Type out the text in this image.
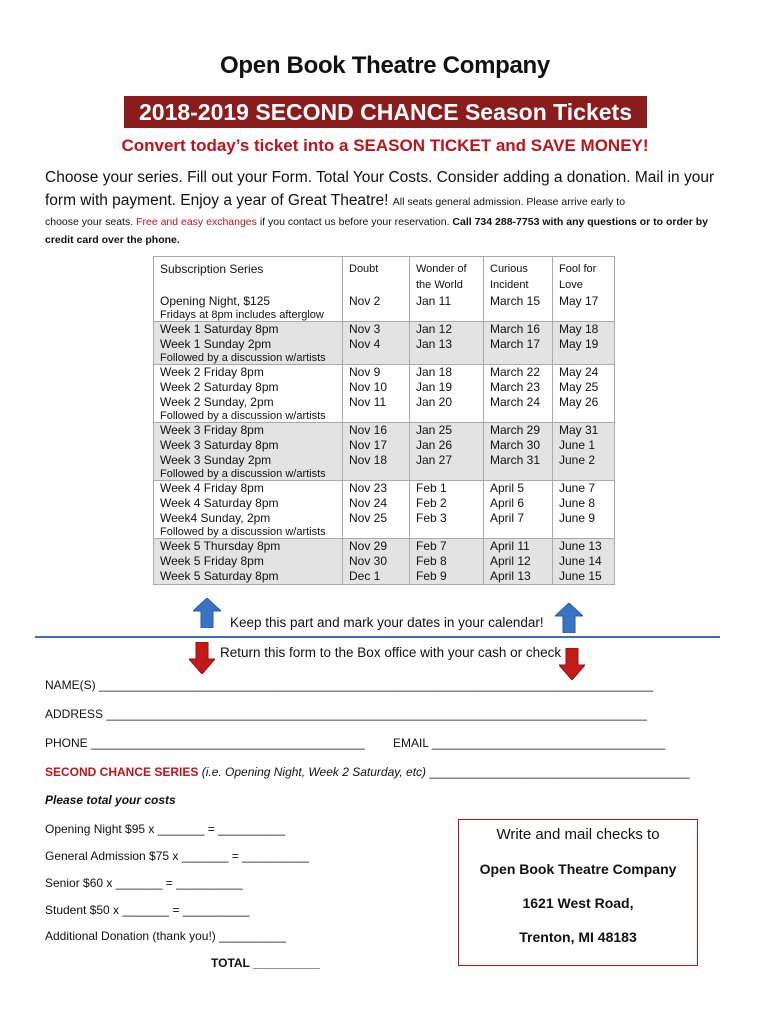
Open Book Theatre Company
2018-2019 SECOND CHANCE Season Tickets
Convert today’s ticket into a SEASON TICKET and SAVE MONEY!
Choose your series. Fill out your Form. Total Your Costs. Consider adding a donation. Mail in your form with payment. Enjoy a year of Great Theatre! All seats general admission. Please arrive early to
choose your seats. Free and easy exchanges if you contact us before your reservation. Call 734 288-7753 with any questions or to order by credit card over the phone.
Subscription Series	Doubt	Wonder of the World	Curious Incident	Fool for Love
Opening Night, $125	Nov 2	Jan 11	March 15	May 17
Fridays at 8pm includes afterglow				
Week 1 Saturday 8pm	Nov 3	Jan 12	March 16	May 18
Week 1 Sunday 2pm	Nov 4	Jan 13	March 17	May 19
Followed by a discussion w/artists				
Week 2 Friday 8pm	Nov 9	Jan 18	March 22	May 24
Week 2 Saturday 8pm	Nov 10	Jan 19	March 23	May 25
Week 2 Sunday, 2pm	Nov 11	Jan 20	March 24	May 26
Followed by a discussion w/artists				
Week 3 Friday 8pm	Nov 16	Jan 25	March 29	May 31
Week 3 Saturday 8pm	Nov 17	Jan 26	March 30	June 1
Week 3 Sunday 2pm	Nov 18	Jan 27	March 31	June 2
Followed by a discussion w/artists				
Week 4 Friday 8pm	Nov 23	Feb 1	April 5	June 7
Week 4 Saturday 8pm	Nov 24	Feb 2	April 6	June 8
Week4 Sunday, 2pm	Nov 25	Feb 3	April 7	June 9
Followed by a discussion w/artists				
Week 5 Thursday 8pm	Nov 29	Feb 7	April 11	June 13
Week 5 Friday 8pm	Nov 30	Feb 8	April 12	June 14
Week 5 Saturday 8pm	Dec 1	Feb 9	April 13	June 15
Keep this part and mark your dates in your calendar!
Return this form to the Box office with your cash or check
NAME(S) ___________________________________________________________________________________
ADDRESS _________________________________________________________________________________
PHONE _________________________________________ EMAIL ___________________________________
SECOND CHANCE SERIES (i.e. Opening Night, Week 2 Saturday, etc) _______________________________________
Please total your costs
Opening Night $95 x _______ = __________
General Admission $75 x _______ = __________
Senior $60 x _______ = __________
Student $50 x _______ = __________
Additional Donation (thank you!) __________
TOTAL __________
Write and mail checks to
Open Book Theatre Company
1621 West Road,
Trenton, MI 48183
